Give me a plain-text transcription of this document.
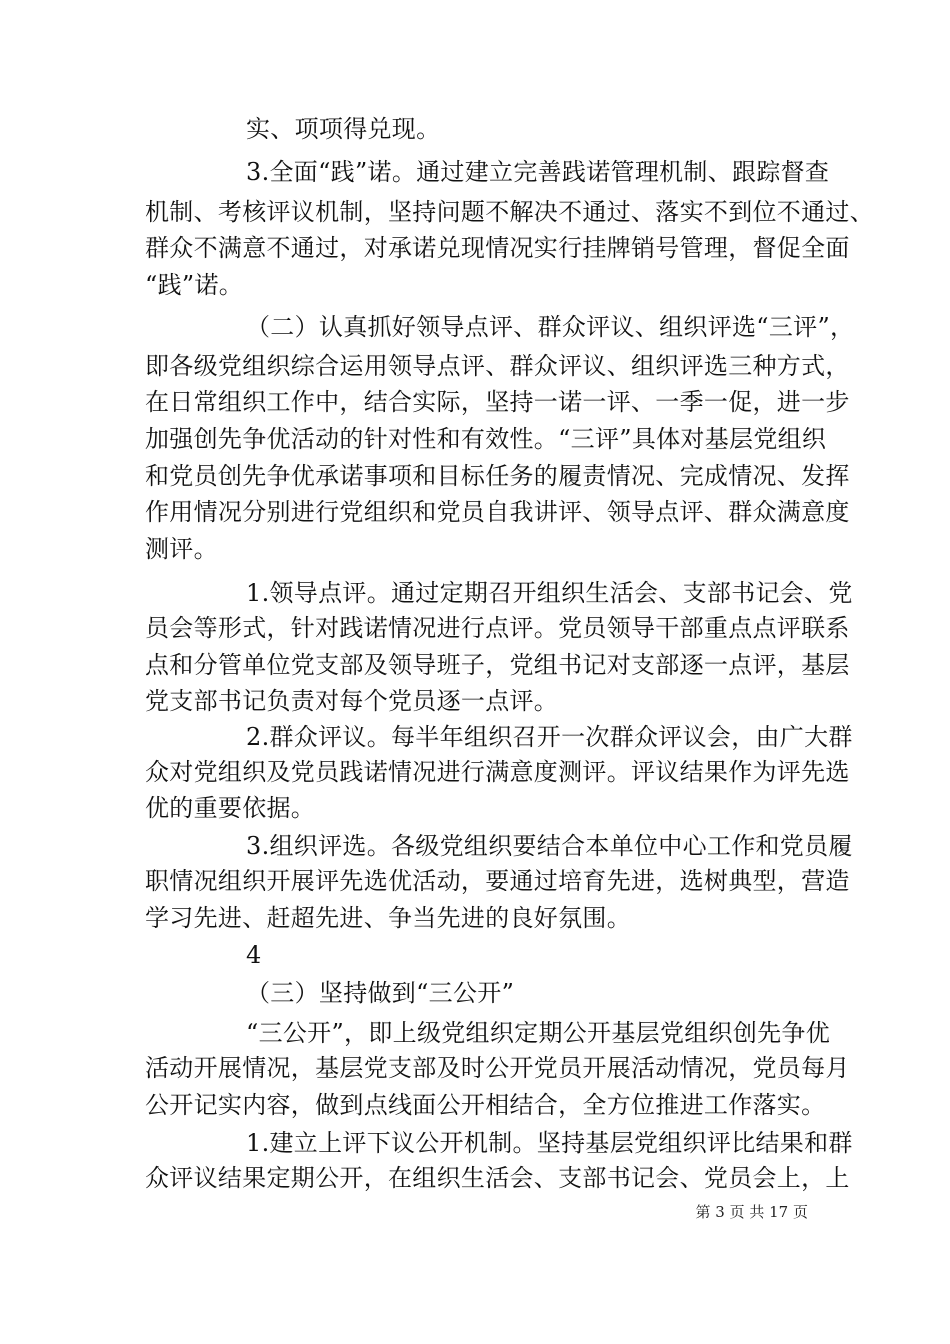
实、项项得兑现。
3.全面“践”诺。通过建立完善践诺管理机制、跟踪督查
机制、考核评议机制，坚持问题不解决不通过、落实不到位不通过、
群众不满意不通过，对承诺兑现情况实行挂牌销号管理，督促全面
“践”诺。
（二）认真抓好领导点评、群众评议、组织评选“三评”，
即各级党组织综合运用领导点评、群众评议、组织评选三种方式，
在日常组织工作中，结合实际，坚持一诺一评、一季一促，进一步
加强创先争优活动的针对性和有效性。“三评”具体对基层党组织
和党员创先争优承诺事项和目标任务的履责情况、完成情况、发挥
作用情况分别进行党组织和党员自我讲评、领导点评、群众满意度
测评。
1.领导点评。通过定期召开组织生活会、支部书记会、党
员会等形式，针对践诺情况进行点评。党员领导干部重点点评联系
点和分管单位党支部及领导班子，党组书记对支部逐一点评，基层
党支部书记负责对每个党员逐一点评。
2.群众评议。每半年组织召开一次群众评议会，由广大群
众对党组织及党员践诺情况进行满意度测评。评议结果作为评先选
优的重要依据。
3.组织评选。各级党组织要结合本单位中心工作和党员履
职情况组织开展评先选优活动，要通过培育先进，选树典型，营造
学习先进、赶超先进、争当先进的良好氛围。
4
（三）坚持做到“三公开”
“三公开”，即上级党组织定期公开基层党组织创先争优
活动开展情况，基层党支部及时公开党员开展活动情况，党员每月
公开记实内容，做到点线面公开相结合，全方位推进工作落实。
1.建立上评下议公开机制。坚持基层党组织评比结果和群
众评议结果定期公开，在组织生活会、支部书记会、党员会上，上
第 3 页 共 17 页
